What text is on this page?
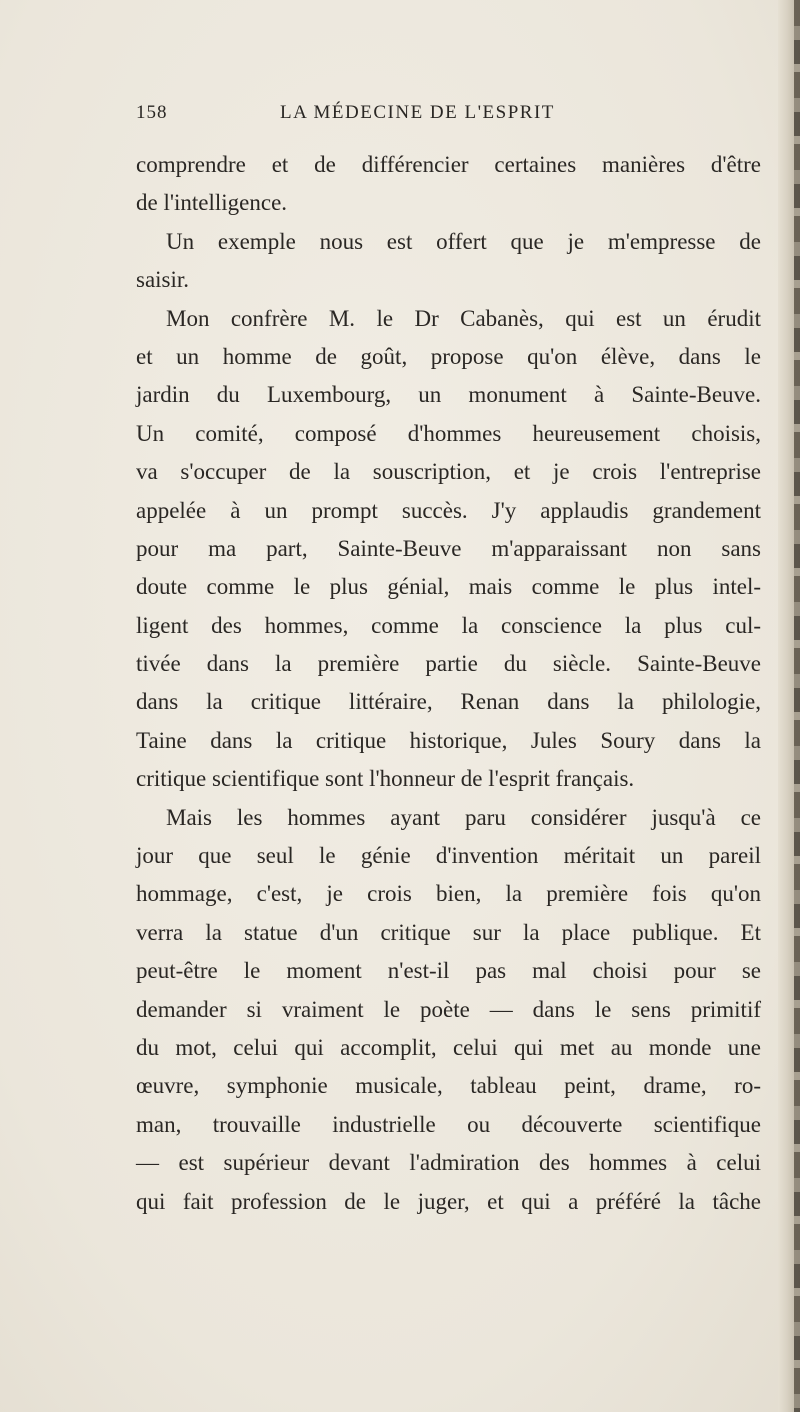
158	LA MÉDECINE DE L'ESPRIT
comprendre et de différencier certaines manières d'être
de l'intelligence.
Un exemple nous est offert que je m'empresse de
saisir.
Mon confrère M. le Dr Cabanès, qui est un érudit
et un homme de goût, propose qu'on élève, dans le
jardin du Luxembourg, un monument à Sainte-Beuve.
Un comité, composé d'hommes heureusement choisis,
va s'occuper de la souscription, et je crois l'entreprise
appelée à un prompt succès. J'y applaudis grandement
pour ma part, Sainte-Beuve m'apparaissant non sans
doute comme le plus génial, mais comme le plus intel-
ligent des hommes, comme la conscience la plus cul-
tivée dans la première partie du siècle. Sainte-Beuve
dans la critique littéraire, Renan dans la philologie,
Taine dans la critique historique, Jules Soury dans la
critique scientifique sont l'honneur de l'esprit français.
Mais les hommes ayant paru considérer jusqu'à ce
jour que seul le génie d'invention méritait un pareil
hommage, c'est, je crois bien, la première fois qu'on
verra la statue d'un critique sur la place publique. Et
peut-être le moment n'est-il pas mal choisi pour se
demander si vraiment le poète — dans le sens primitif
du mot, celui qui accomplit, celui qui met au monde une
œuvre, symphonie musicale, tableau peint, drame, ro-
man, trouvaille industrielle ou découverte scientifique
— est supérieur devant l'admiration des hommes à celui
qui fait profession de le juger, et qui a préféré la tâche
